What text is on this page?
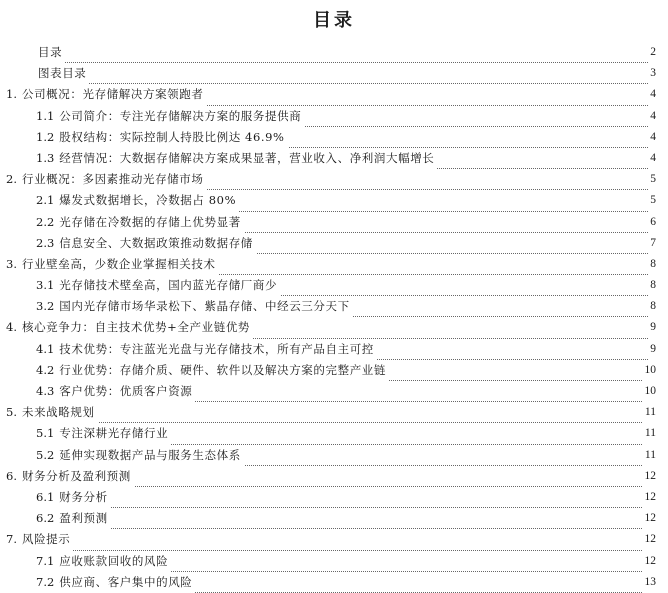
目录
目录	2
图表目录	3
1. 公司概况：光存储解决方案领跑者	4
1.1 公司简介：专注光存储解决方案的服务提供商	4
1.2 股权结构：实际控制人持股比例达 46.9%	4
1.3 经营情况：大数据存储解决方案成果显著，营业收入、净利润大幅增长	4
2. 行业概况：多因素推动光存储市场	5
2.1 爆发式数据增长，冷数据占 80%	5
2.2 光存储在冷数据的存储上优势显著	6
2.3 信息安全、大数据政策推动数据存储	7
3. 行业壁垒高，少数企业掌握相关技术	8
3.1 光存储技术壁垒高，国内蓝光存储厂商少	8
3.2 国内光存储市场华录松下、紫晶存储、中经云三分天下	8
4. 核心竞争力：自主技术优势+全产业链优势	9
4.1 技术优势：专注蓝光光盘与光存储技术，所有产品自主可控	9
4.2 行业优势：存储介质、硬件、软件以及解决方案的完整产业链	10
4.3 客户优势：优质客户资源	10
5. 未来战略规划	11
5.1 专注深耕光存储行业	11
5.2 延伸实现数据产品与服务生态体系	11
6. 财务分析及盈利预测	12
6.1 财务分析	12
6.2 盈利预测	12
7. 风险提示	12
7.1 应收账款回收的风险	12
7.2 供应商、客户集中的风险	13
